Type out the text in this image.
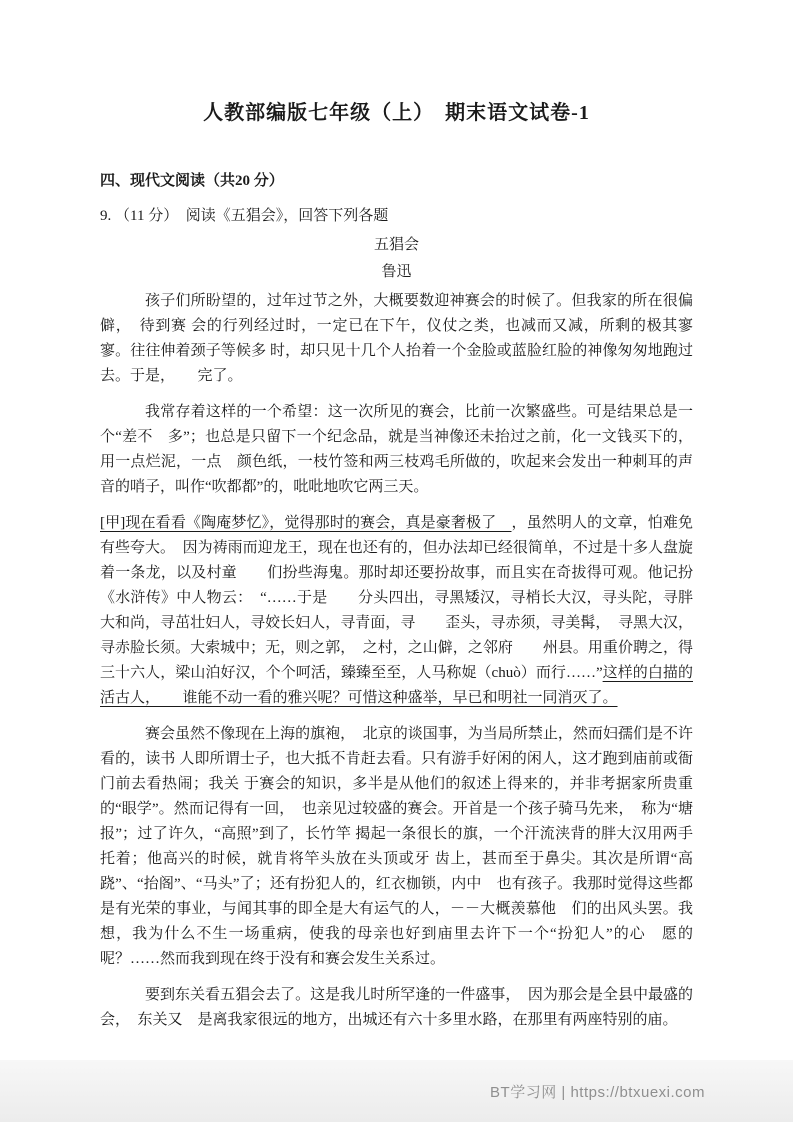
人教部编版七年级（上）　期末语文试卷-1
四、现代文阅读（共20 分）
9. （11 分）　阅读《五猖会》，回答下列各题
五猖会
鲁迅

孩子们所盼望的，过年过节之外，大概要数迎神赛会的时候了。但我家的所在很偏僻，　待到赛 会的行列经过时，一定已在下午，仪仗之类，也减而又减，所剩的极其寥寥。往往伸着颈子等候多 时，却只见十几个人抬着一个金脸或蓝脸红脸的神像匆匆地跑过去。于是，　　完了。

我常存着这样的一个希望：这一次所见的赛会，比前一次繁盛些。可是结果总是一个“差不　多”；也总是只留下一个纪念品，就是当神像还未抬过之前，化一文钱买下的，用一点烂泥，一点　颜色纸，一枝竹签和两三枝鸡毛所做的，吹起来会发出一种刺耳的声音的哨子，叫作“吹都都”的，吡吡地吹它两三天。

[甲]现在看看《陶庵梦忆》，觉得那时的赛会，真是豪奢极了　，虽然明人的文章，怕难免有些夸大。　因为祷雨而迎龙王，现在也还有的，但办法却已经很简单，不过是十多人盘旋着一条龙，以及村童　　们扮些海鬼。那时却还要扮故事，而且实在奇拔得可观。他记扮《水浒传》中人物云：　“……于是　　分头四出，寻黑矮汉，寻梢长大汉，寻头陀，寻胖大和尚，寻茁壮妇人，寻姣长妇人，寻青面，寻　　歪头，寻赤须，寻美髯，　寻黑大汉，寻赤脸长须。大索城中；无，则之郭，　之村，之山僻，之邻府　　州县。用重价聘之，得三十六人，梁山泊好汉，个个呵活，臻臻至至，人马称娖（chuò）而行……”这样的白描的活古人，　　谁能不动一看的雅兴呢？可惜这种盛举，早已和明社一同消灭了。

赛会虽然不像现在上海的旗袍，　北京的谈国事，为当局所禁止，然而妇孺们是不许看的，读书 人即所谓士子，也大抵不肯赶去看。只有游手好闲的闲人，这才跑到庙前或衙门前去看热闹；我关 于赛会的知识，多半是从他们的叙述上得来的，并非考据家所贵重的“眼学”。然而记得有一回，　也亲见过较盛的赛会。开首是一个孩子骑马先来，　称为“塘报”；过了许久，“高照”到了，长竹竿 揭起一条很长的旗，一个汗流浃背的胖大汉用两手托着；他高兴的时候，就肯将竿头放在头顶或牙 齿上，甚而至于鼻尖。其次是所谓“高跷”、“抬阁”、“马头”了；还有扮犯人的，红衣枷锁，内中　也有孩子。我那时觉得这些都是有光荣的事业，与闻其事的即全是大有运气的人，－－大概羡慕他　们的出风头罢。我想，我为什么不生一场重病，使我的母亲也好到庙里去许下一个“扮犯人”的心　愿的呢？……然而我到现在终于没有和赛会发生关系过。

要到东关看五猖会去了。这是我儿时所罕逢的一件盛事，　因为那会是全县中最盛的会，　东关又　是离我家很远的地方，出城还有六十多里水路，在那里有两座特别的庙。

BT学习网 | https://btxuexi.com
